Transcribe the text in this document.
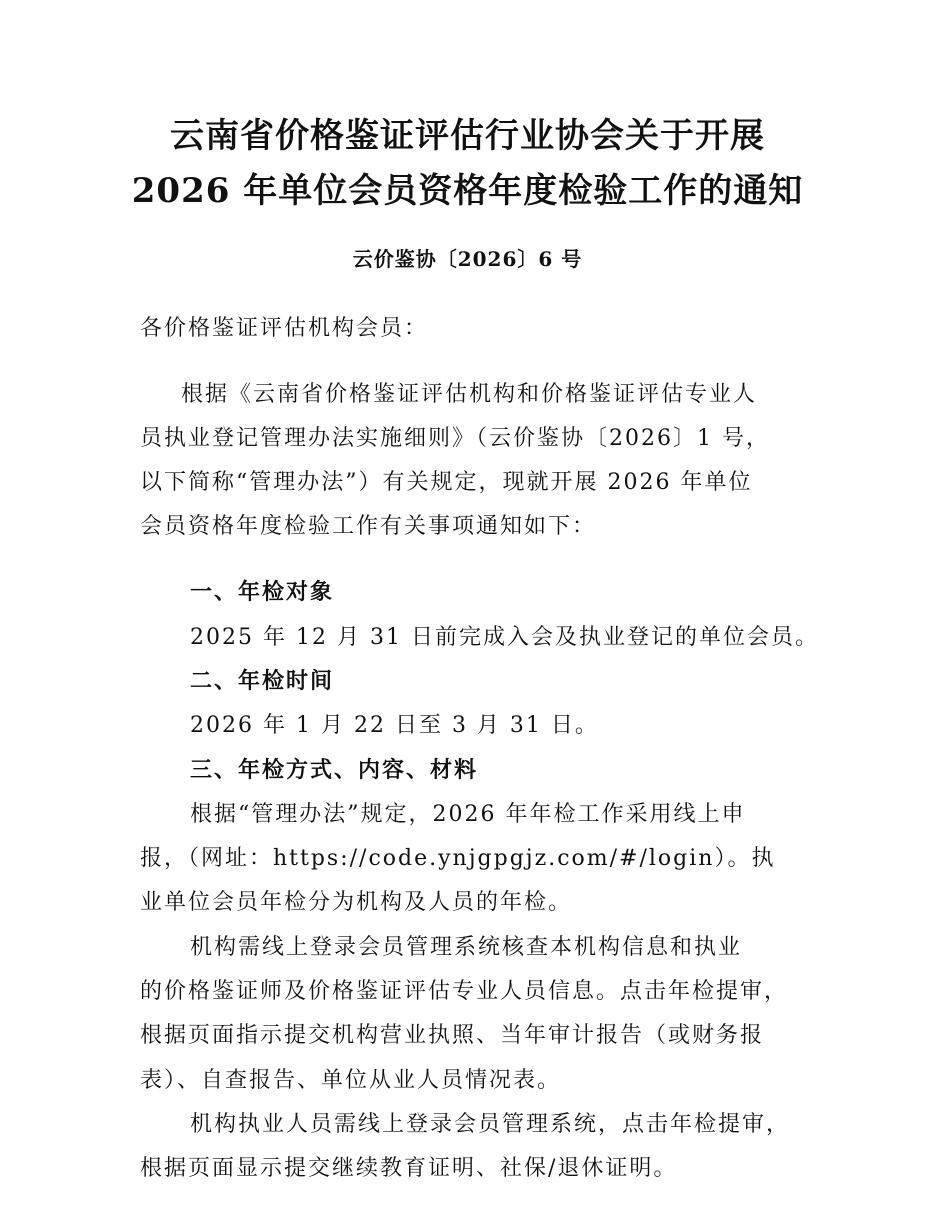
云南省价格鉴证评估行业协会关于开展
2026 年单位会员资格年度检验工作的通知
云价鉴协〔2026〕6 号
各价格鉴证评估机构会员：
根据《云南省价格鉴证评估机构和价格鉴证评估专业人
员执业登记管理办法实施细则》（云价鉴协〔2026〕1 号，
以下简称“管理办法”）有关规定，现就开展 2026 年单位
会员资格年度检验工作有关事项通知如下：
一、年检对象
2025 年 12 月 31 日前完成入会及执业登记的单位会员。
二、年检时间
2026 年 1 月 22 日至 3 月 31 日。
三、年检方式、内容、材料
根据“管理办法”规定，2026 年年检工作采用线上申
报，（网址：https://code.ynjgpgjz.com/#/login）。执
业单位会员年检分为机构及人员的年检。
机构需线上登录会员管理系统核查本机构信息和执业
的价格鉴证师及价格鉴证评估专业人员信息。点击年检提审，
根据页面指示提交机构营业执照、当年审计报告（或财务报
表）、自查报告、单位从业人员情况表。
机构执业人员需线上登录会员管理系统，点击年检提审，
根据页面显示提交继续教育证明、社保/退休证明。
